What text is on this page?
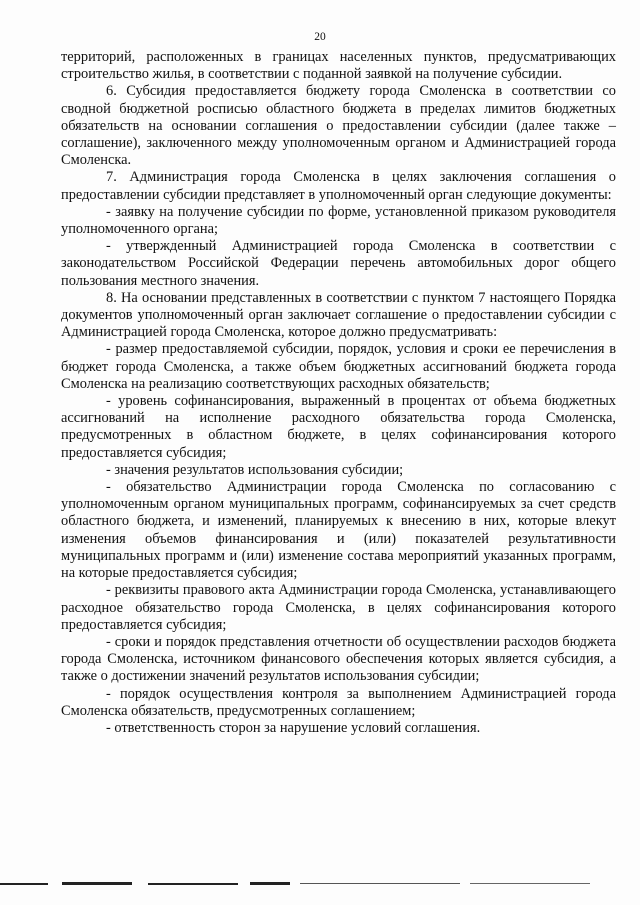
20

территорий, расположенных в границах населенных пунктов, предусматривающих строительство жилья, в соответствии с поданной заявкой на получение субсидии.

6. Субсидия предоставляется бюджету города Смоленска в соответствии со сводной бюджетной росписью областного бюджета в пределах лимитов бюджетных обязательств на основании соглашения о предоставлении субсидии (далее также – соглашение), заключенного между уполномоченным органом и Администрацией города Смоленска.

7. Администрация города Смоленска в целях заключения соглашения о предоставлении субсидии представляет в уполномоченный орган следующие документы:

- заявку на получение субсидии по форме, установленной приказом руководителя уполномоченного органа;

- утвержденный Администрацией города Смоленска в соответствии с законодательством Российской Федерации перечень автомобильных дорог общего пользования местного значения.

8. На основании представленных в соответствии с пунктом 7 настоящего Порядка документов уполномоченный орган заключает соглашение о предоставлении субсидии с Администрацией города Смоленска, которое должно предусматривать:

- размер предоставляемой субсидии, порядок, условия и сроки ее перечисления в бюджет города Смоленска, а также объем бюджетных ассигнований бюджета города Смоленска на реализацию соответствующих расходных обязательств;

- уровень софинансирования, выраженный в процентах от объема бюджетных ассигнований на исполнение расходного обязательства города Смоленска, предусмотренных в областном бюджете, в целях софинансирования которого предоставляется субсидия;

- значения результатов использования субсидии;

- обязательство Администрации города Смоленска по согласованию с уполномоченным органом муниципальных программ, софинансируемых за счет средств областного бюджета, и изменений, планируемых к внесению в них, которые влекут изменения объемов финансирования и (или) показателей результативности муниципальных программ и (или) изменение состава мероприятий указанных программ, на которые предоставляется субсидия;

- реквизиты правового акта Администрации города Смоленска, устанавливающего расходное обязательство города Смоленска, в целях софинансирования которого предоставляется субсидия;

- сроки и порядок представления отчетности об осуществлении расходов бюджета города Смоленска, источником финансового обеспечения которых является субсидия, а также о достижении значений результатов использования субсидии;

- порядок осуществления контроля за выполнением Администрацией города Смоленска обязательств, предусмотренных соглашением;

- ответственность сторон за нарушение условий соглашения.
